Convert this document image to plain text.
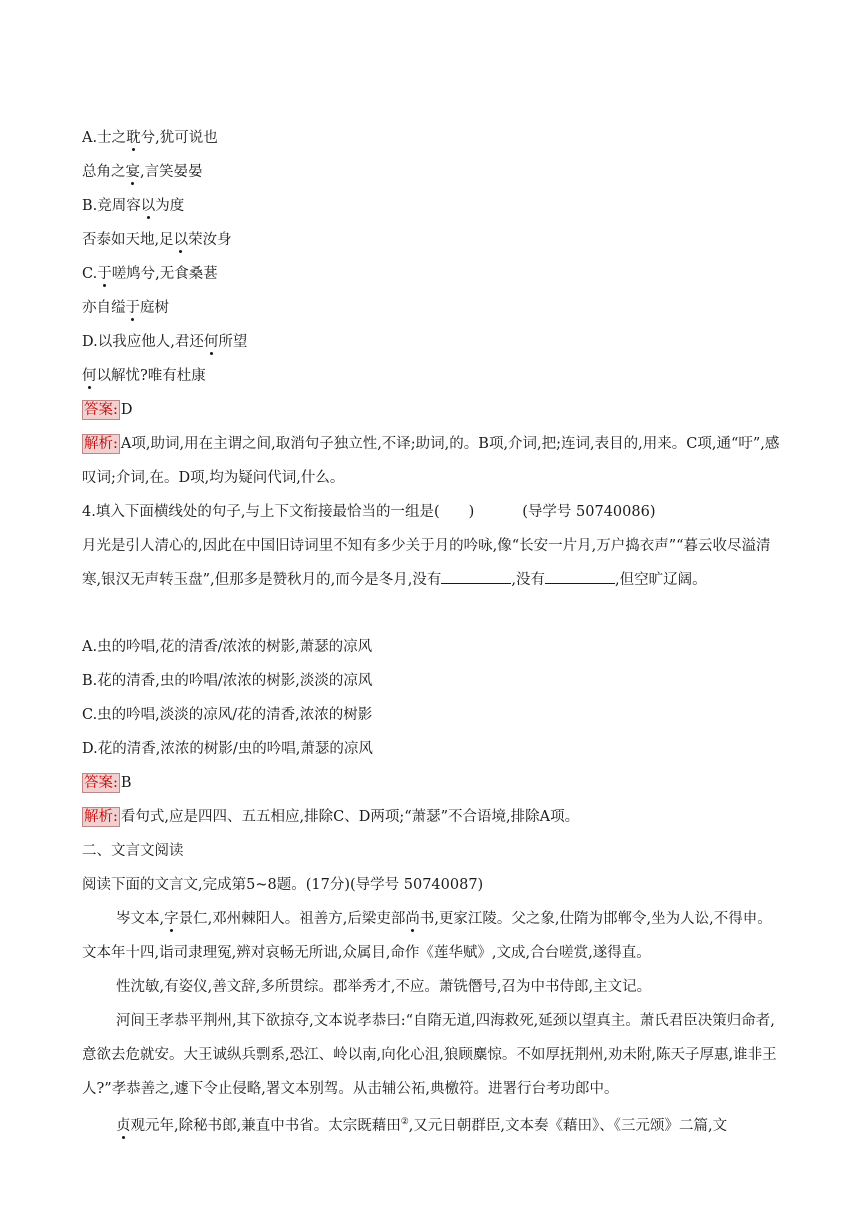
A.士之耽兮,犹可说也
总角之宴,言笑晏晏
B.竞周容以为度
否泰如天地,足以荣汝身
C.于嗟鸠兮,无食桑葚
亦自缢于庭树
D.以我应他人,君还何所望
何以解忧?唯有杜康
答案: D
解析: A项,助词,用在主谓之间,取消句子独立性,不译;助词,的。B项,介词,把;连词,表目的,用来。C项,通“吁”,感叹词;介词,在。D项,均为疑问代词,什么。
4.填入下面横线处的句子,与上下文衔接最恰当的一组是(　　)	(导学号 50740086)
月光是引人清心的,因此在中国旧诗词里不知有多少关于月的吟咏,像“长安一片月,万户捣衣声”“暮云收尽溢清寒,银汉无声转玉盘”,但那多是赞秋月的,而今是冬月,没有	,没有	,但空旷辽阔。
A.虫的吟唱,花的清香/浓浓的树影,萧瑟的凉风
B.花的清香,虫的吟唱/浓浓的树影,淡淡的凉风
C.虫的吟唱,淡淡的凉风/花的清香,浓浓的树影
D.花的清香,浓浓的树影/虫的吟唱,萧瑟的凉风
答案: B
解析: 看句式,应是四四、五五相应,排除C、D两项;“萧瑟”不合语境,排除A项。
二、文言文阅读
阅读下面的文言文,完成第5~8题。(17分)(导学号 50740087)
岑文本,字景仁,邓州棘阳人。祖善方,后梁吏部尚书,更家江陵。父之象,仕隋为邯郸令,坐为人讼,不得申。文本年十四,诣司隶理冤,辨对哀畅无所诎,众属目,命作《莲华赋》,文成,合台嗟赏,遂得直。
性沈敏,有姿仪,善文辞,多所贯综。郡举秀才,不应。萧铣僭号,召为中书侍郎,主文记。
河间王孝恭平荆州,其下欲掠夺,文本说孝恭曰:“自隋无道,四海救死,延颈以望真主。萧氏君臣决策归命者,意欲去危就安。大王诚纵兵剽系,恐江、岭以南,向化心沮,狼顾麋惊。不如厚抚荆州,劝未附,陈天子厚惠,谁非王人?”孝恭善之,遽下令止侵略,署文本别驾。从击辅公祏,典檄符。进署行台考功郎中。
贞观元年,除秘书郎,兼直中书省。太宗既藉田②,又元日朝群臣,文本奏《藉田》、《三元颂》二篇,文
